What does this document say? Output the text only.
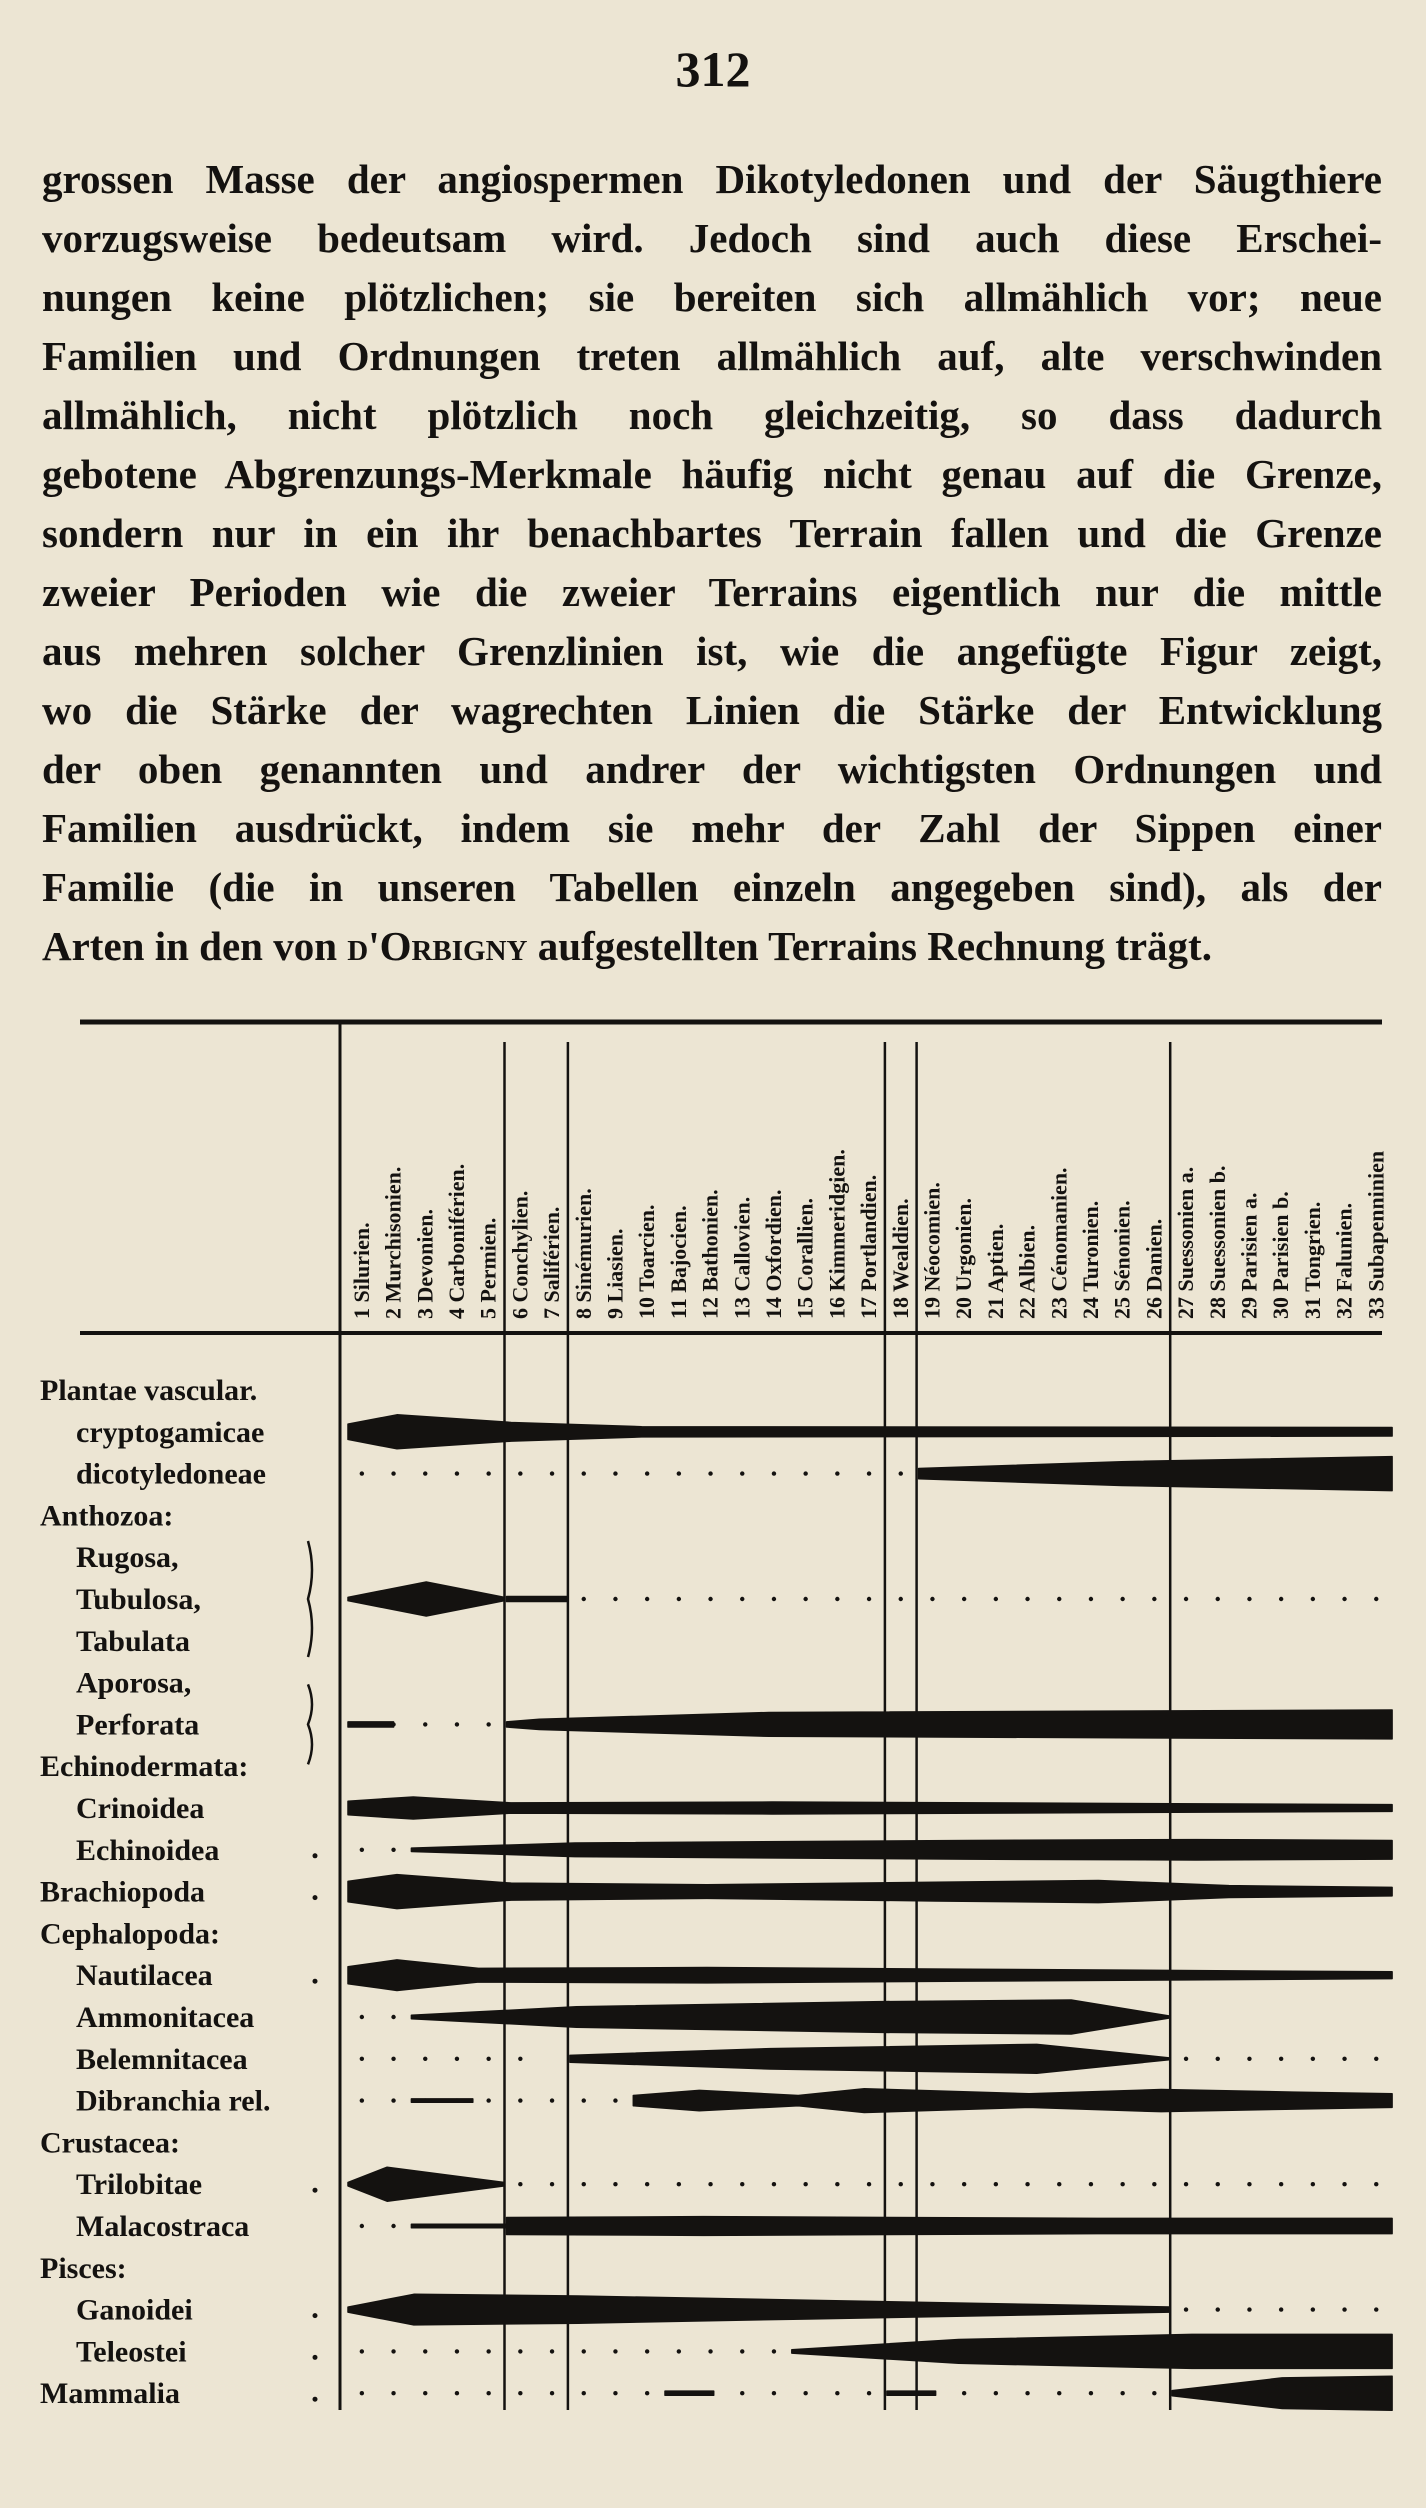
312
grossen Masse der angiospermen Dikotyledonen und der Säugthiere
vorzugsweise bedeutsam wird. Jedoch sind auch diese Erschei-
nungen keine plötzlichen; sie bereiten sich allmählich vor; neue
Familien und Ordnungen treten allmählich auf, alte verschwinden
allmählich, nicht plötzlich noch gleichzeitig, so dass dadurch
gebotene Abgrenzungs-Merkmale häufig nicht genau auf die Grenze,
sondern nur in ein ihr benachbartes Terrain fallen und die Grenze
zweier Perioden wie die zweier Terrains eigentlich nur die mittle
aus mehren solcher Grenzlinien ist, wie die angefügte Figur zeigt,
wo die Stärke der wagrechten Linien die Stärke der Entwicklung
der oben genannten und andrer der wichtigsten Ordnungen und
Familien ausdrückt, indem sie mehr der Zahl der Sippen einer
Familie (die in unseren Tabellen einzeln angegeben sind), als der
Arten in den von d'Orbigny aufgestellten Terrains Rechnung trägt.
1 Silurien. 2 Murchisonien. 3 Devonien. 4 Carboniférien. 5 Permien. 6 Conchylien. 7 Saliférien. 8 Sinémurien. 9 Liasien. 10 Toarcien. 11 Bajocien. 12 Bathonien. 13 Callovien. 14 Oxfordien. 15 Corallien. 16 Kimmeridgien. 17 Portlandien. 18 Wealdien. 19 Néocomien. 20 Urgonien. 21 Aptien. 22 Albien. 23 Cénomanien. 24 Turonien. 25 Sénonien. 26 Danien. 27 Suessonien a. 28 Suessonien b. 29 Parisien a. 30 Parisien b. 31 Tongrien. 32 Falunien. 33 Subapenninien
Plantae vascular.
cryptogamicae
dicotyledoneae
Anthozoa:
Rugosa,
Tubulosa,
Tabulata
Aporosa,
Perforata
Echinodermata:
Crinoidea
Echinoidea
Brachiopoda
Cephalopoda:
Nautilacea
Ammonitacea
Belemnitacea
Dibranchia rel.
Crustacea:
Trilobitae
Malacostraca
Pisces:
Ganoidei
Teleostei
Mammalia
